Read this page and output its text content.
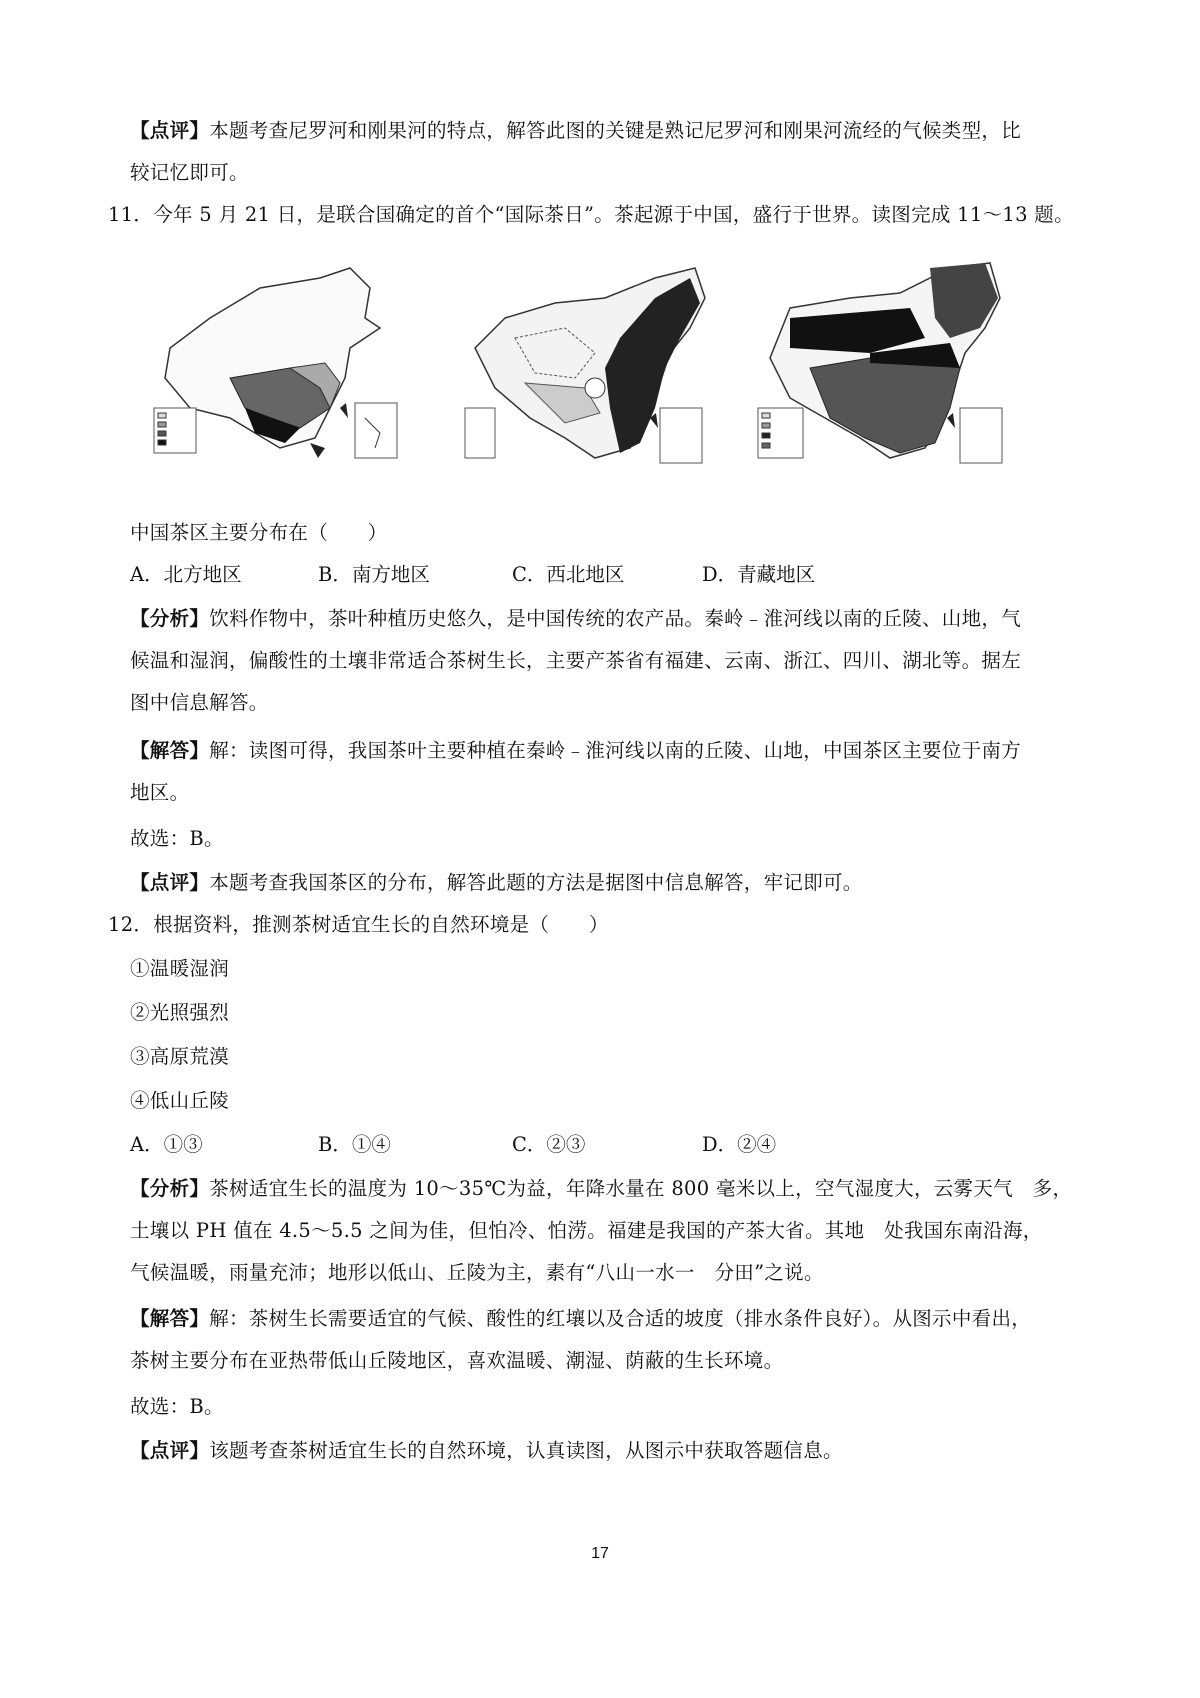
【点评】本题考查尼罗河和刚果河的特点，解答此图的关键是熟记尼罗河和刚果河流经的气候类型，比
较记忆即可。
11．今年 5 月 21 日，是联合国确定的首个“国际茶日”。茶起源于中国，盛行于世界。读图完成 11～13 题。
中国茶区主要分布在（　　）
A．北方地区	B．南方地区	C．西北地区	D．青藏地区
【分析】饮料作物中，茶叶种植历史悠久，是中国传统的农产品。秦岭﹣淮河线以南的丘陵、山地，气
候温和湿润，偏酸性的土壤非常适合茶树生长，主要产茶省有福建、云南、浙江、四川、湖北等。据左
图中信息解答。
【解答】解：读图可得，我国茶叶主要种植在秦岭﹣淮河线以南的丘陵、山地，中国茶区主要位于南方
地区。
故选：B。
【点评】本题考查我国茶区的分布，解答此题的方法是据图中信息解答，牢记即可。
12．根据资料，推测茶树适宜生长的自然环境是（　　）
①温暖湿润
②光照强烈
③高原荒漠
④低山丘陵
A．①③	B．①④	C．②③	D．②④
【分析】茶树适宜生长的温度为 10～35℃为益，年降水量在 800 毫米以上，空气湿度大，云雾天气　多，
土壤以 PH 值在 4.5～5.5 之间为佳，但怕冷、怕涝。福建是我国的产茶大省。其地　处我国东南沿海，
气候温暖，雨量充沛；地形以低山、丘陵为主，素有“八山一水一　分田”之说。
【解答】解：茶树生长需要适宜的气候、酸性的红壤以及合适的坡度（排水条件良好）。从图示中看出，
茶树主要分布在亚热带低山丘陵地区，喜欢温暖、潮湿、荫蔽的生长环境。
故选：B。
【点评】该题考查茶树适宜生长的自然环境，认真读图，从图示中获取答题信息。
17
